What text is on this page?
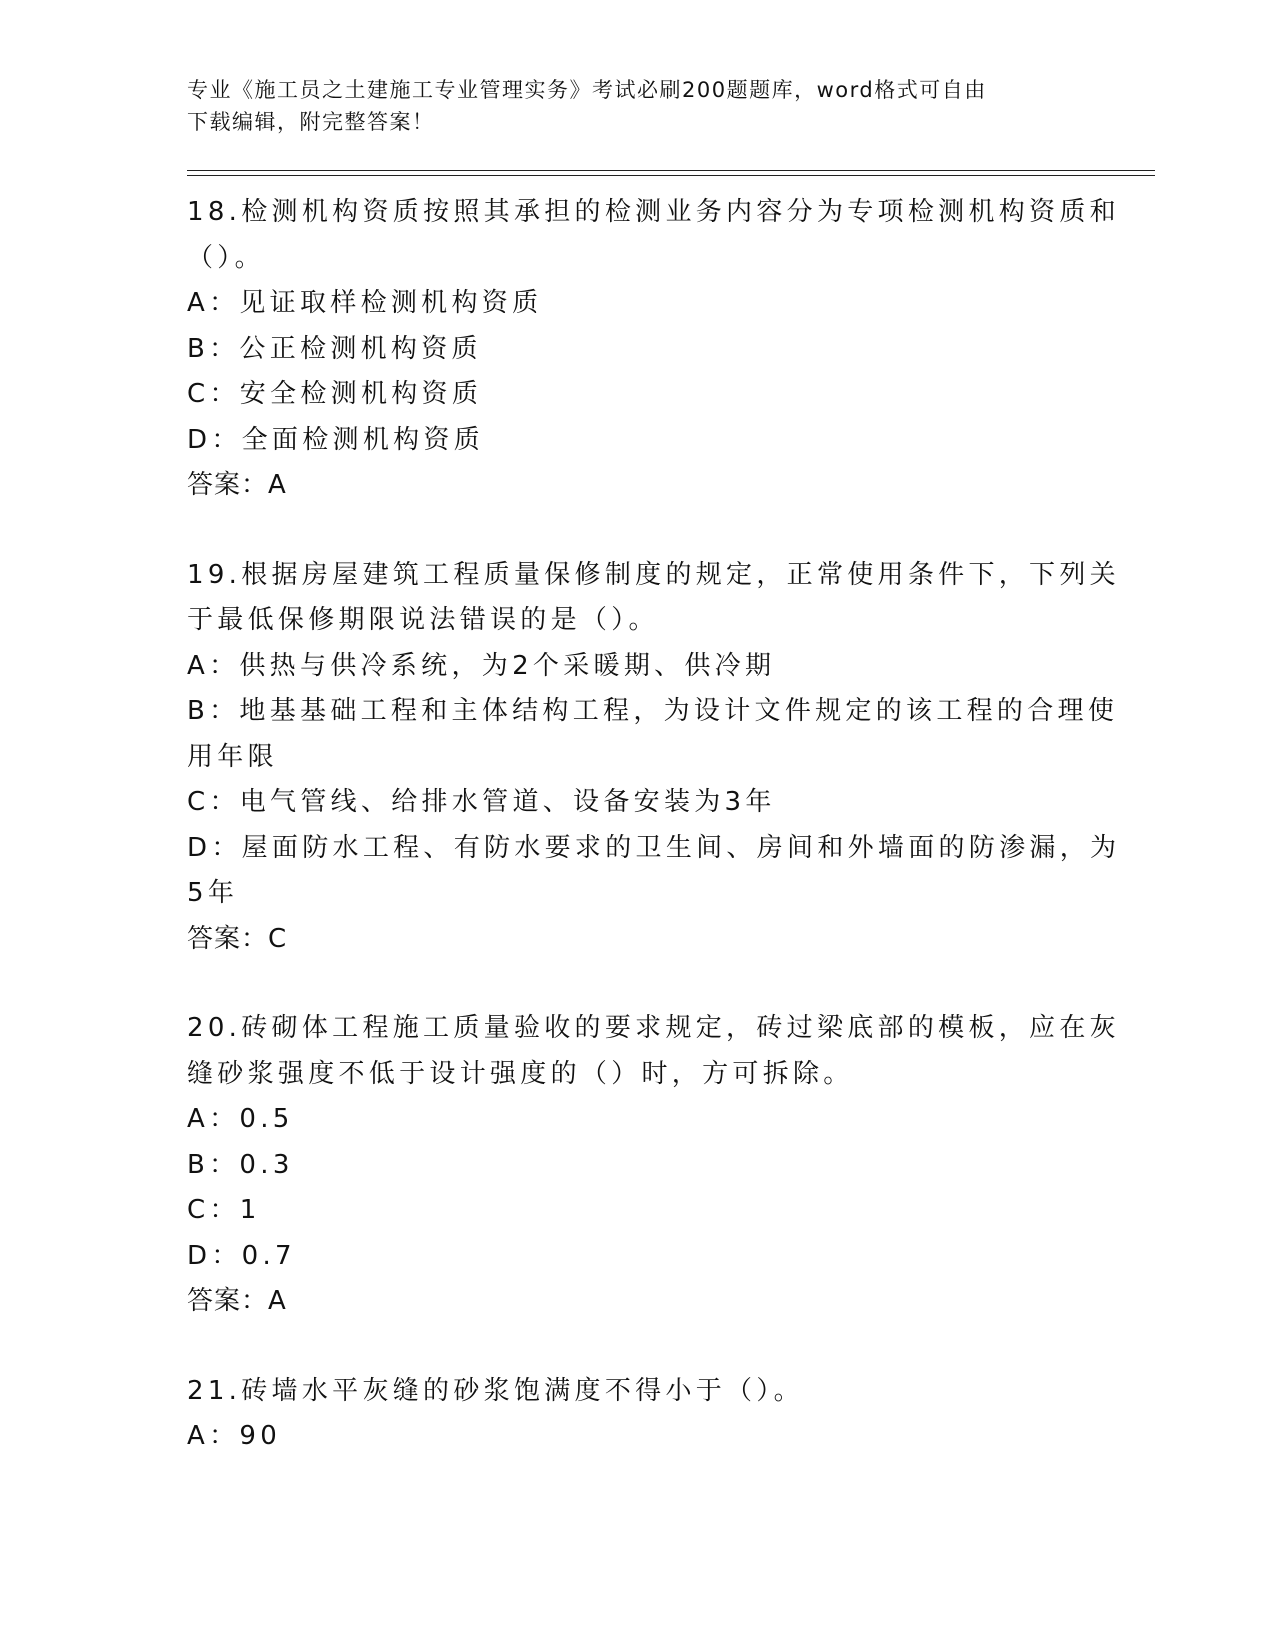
专业《施工员之土建施工专业管理实务》考试必刷200题题库，word格式可自由
下载编辑，附完整答案！
18.检测机构资质按照其承担的检测业务内容分为专项检测机构资质和
（）。
A：见证取样检测机构资质
B：公正检测机构资质
C：安全检测机构资质
D：全面检测机构资质
答案：A
19.根据房屋建筑工程质量保修制度的规定，正常使用条件下，下列关
于最低保修期限说法错误的是（）。
A：供热与供冷系统，为2个采暖期、供冷期
B：地基基础工程和主体结构工程，为设计文件规定的该工程的合理使
用年限
C：电气管线、给排水管道、设备安装为3年
D：屋面防水工程、有防水要求的卫生间、房间和外墙面的防渗漏，为
5年
答案：C
20.砖砌体工程施工质量验收的要求规定，砖过梁底部的模板，应在灰
缝砂浆强度不低于设计强度的（）时，方可拆除。
A：0.5
B：0.3
C：1
D：0.7
答案：A
21.砖墙水平灰缝的砂浆饱满度不得小于（）。
A：90
